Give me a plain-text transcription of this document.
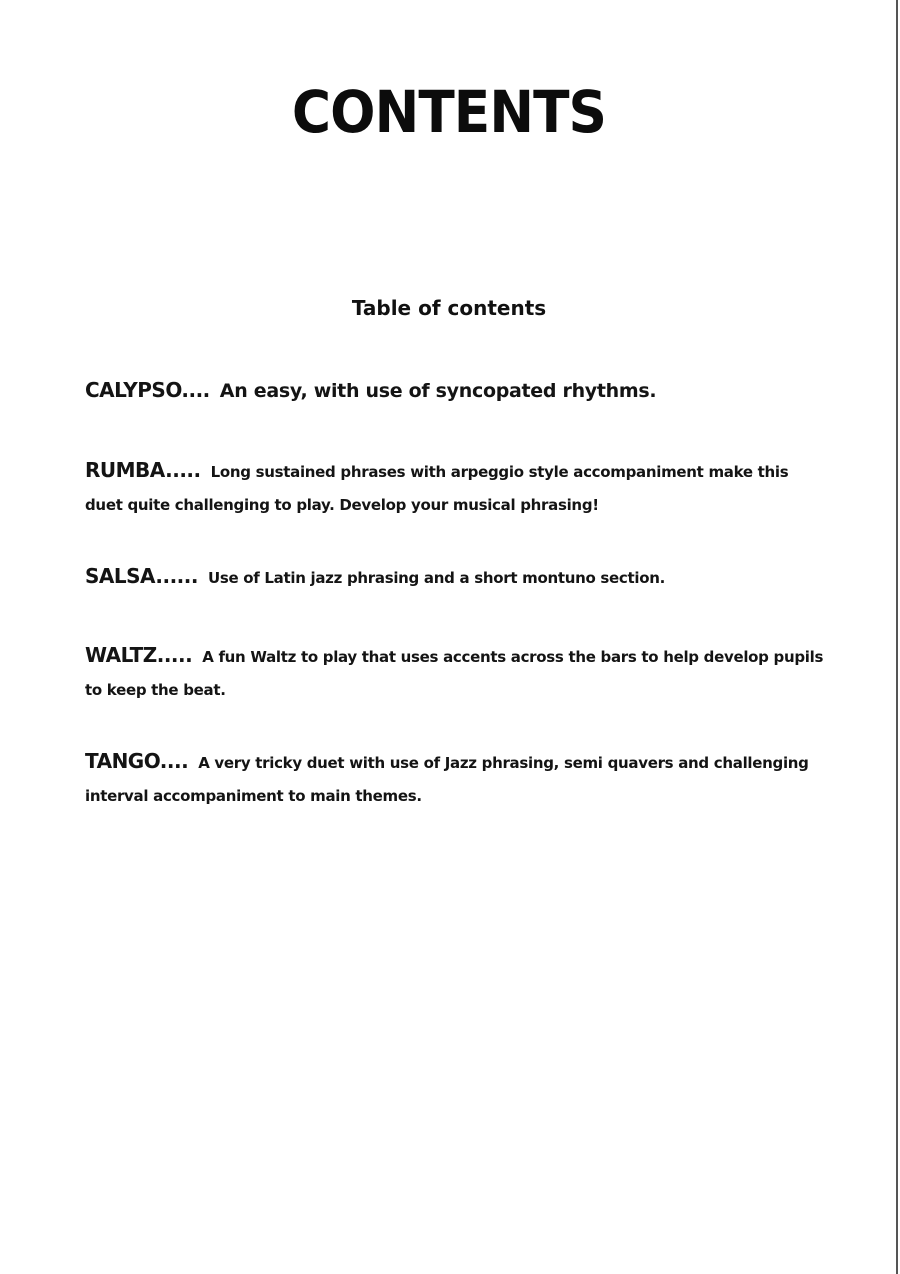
CONTENTS
Table of contents
CALYPSO.... An easy, with use of syncopated rhythms.
RUMBA..... Long sustained phrases with arpeggio style accompaniment make this duet quite challenging to play. Develop your musical phrasing!
SALSA...... Use of Latin jazz phrasing and a short montuno section.
WALTZ..... A fun Waltz to play that uses accents across the bars to help develop pupils to keep the beat.
TANGO.... A very tricky duet with use of Jazz phrasing, semi quavers and challenging interval accompaniment to main themes.
